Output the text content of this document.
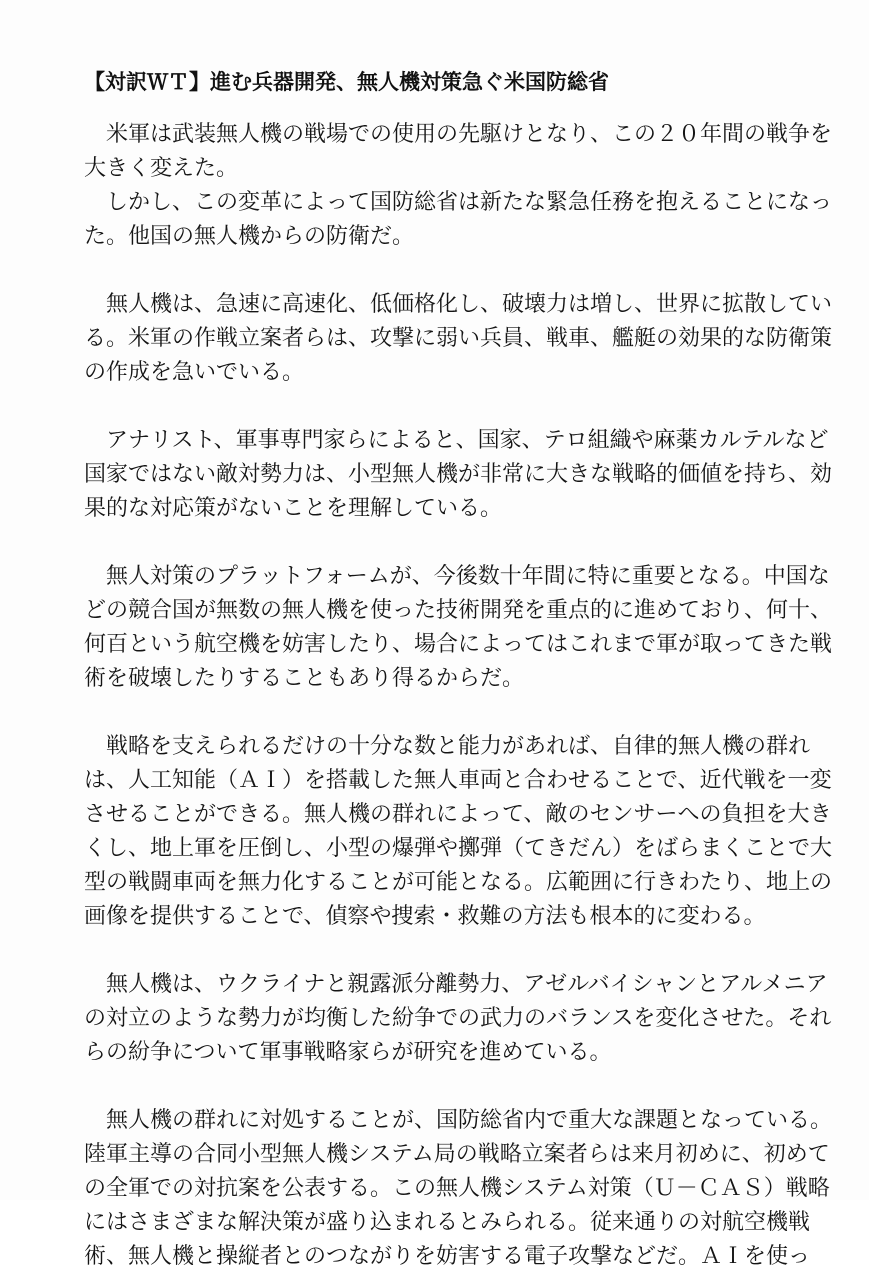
【対訳ＷＴ】進む兵器開発、無人機対策急ぐ米国防総省
　米軍は武装無人機の戦場での使用の先駆けとなり、この２０年間の戦争を
大きく変えた。
　しかし、この変革によって国防総省は新たな緊急任務を抱えることになっ
た。他国の無人機からの防衛だ。
　無人機は、急速に高速化、低価格化し、破壊力は増し、世界に拡散してい
る。米軍の作戦立案者らは、攻撃に弱い兵員、戦車、艦艇の効果的な防衛策
の作成を急いでいる。
　アナリスト、軍事専門家らによると、国家、テロ組織や麻薬カルテルなど
国家ではない敵対勢力は、小型無人機が非常に大きな戦略的価値を持ち、効
果的な対応策がないことを理解している。
　無人対策のプラットフォームが、今後数十年間に特に重要となる。中国な
どの競合国が無数の無人機を使った技術開発を重点的に進めており、何十、
何百という航空機を妨害したり、場合によってはこれまで軍が取ってきた戦
術を破壊したりすることもあり得るからだ。
　戦略を支えられるだけの十分な数と能力があれば、自律的無人機の群れ
は、人工知能（ＡＩ）を搭載した無人車両と合わせることで、近代戦を一変
させることができる。無人機の群れによって、敵のセンサーへの負担を大き
くし、地上軍を圧倒し、小型の爆弾や擲弾（てきだん）をばらまくことで大
型の戦闘車両を無力化することが可能となる。広範囲に行きわたり、地上の
画像を提供することで、偵察や捜索・救難の方法も根本的に変わる。
　無人機は、ウクライナと親露派分離勢力、アゼルバイシャンとアルメニア
の対立のような勢力が均衡した紛争での武力のバランスを変化させた。それ
らの紛争について軍事戦略家らが研究を進めている。
　無人機の群れに対処することが、国防総省内で重大な課題となっている。
陸軍主導の合同小型無人機システム局の戦略立案者らは来月初めに、初めて
の全軍での対抗案を公表する。この無人機システム対策（Ｕ－ＣＡＳ）戦略
にはさまざまな解決策が盛り込まれるとみられる。従来通りの対航空機戦
術、無人機と操縦者とのつながりを妨害する電子攻撃などだ。ＡＩを使っ
